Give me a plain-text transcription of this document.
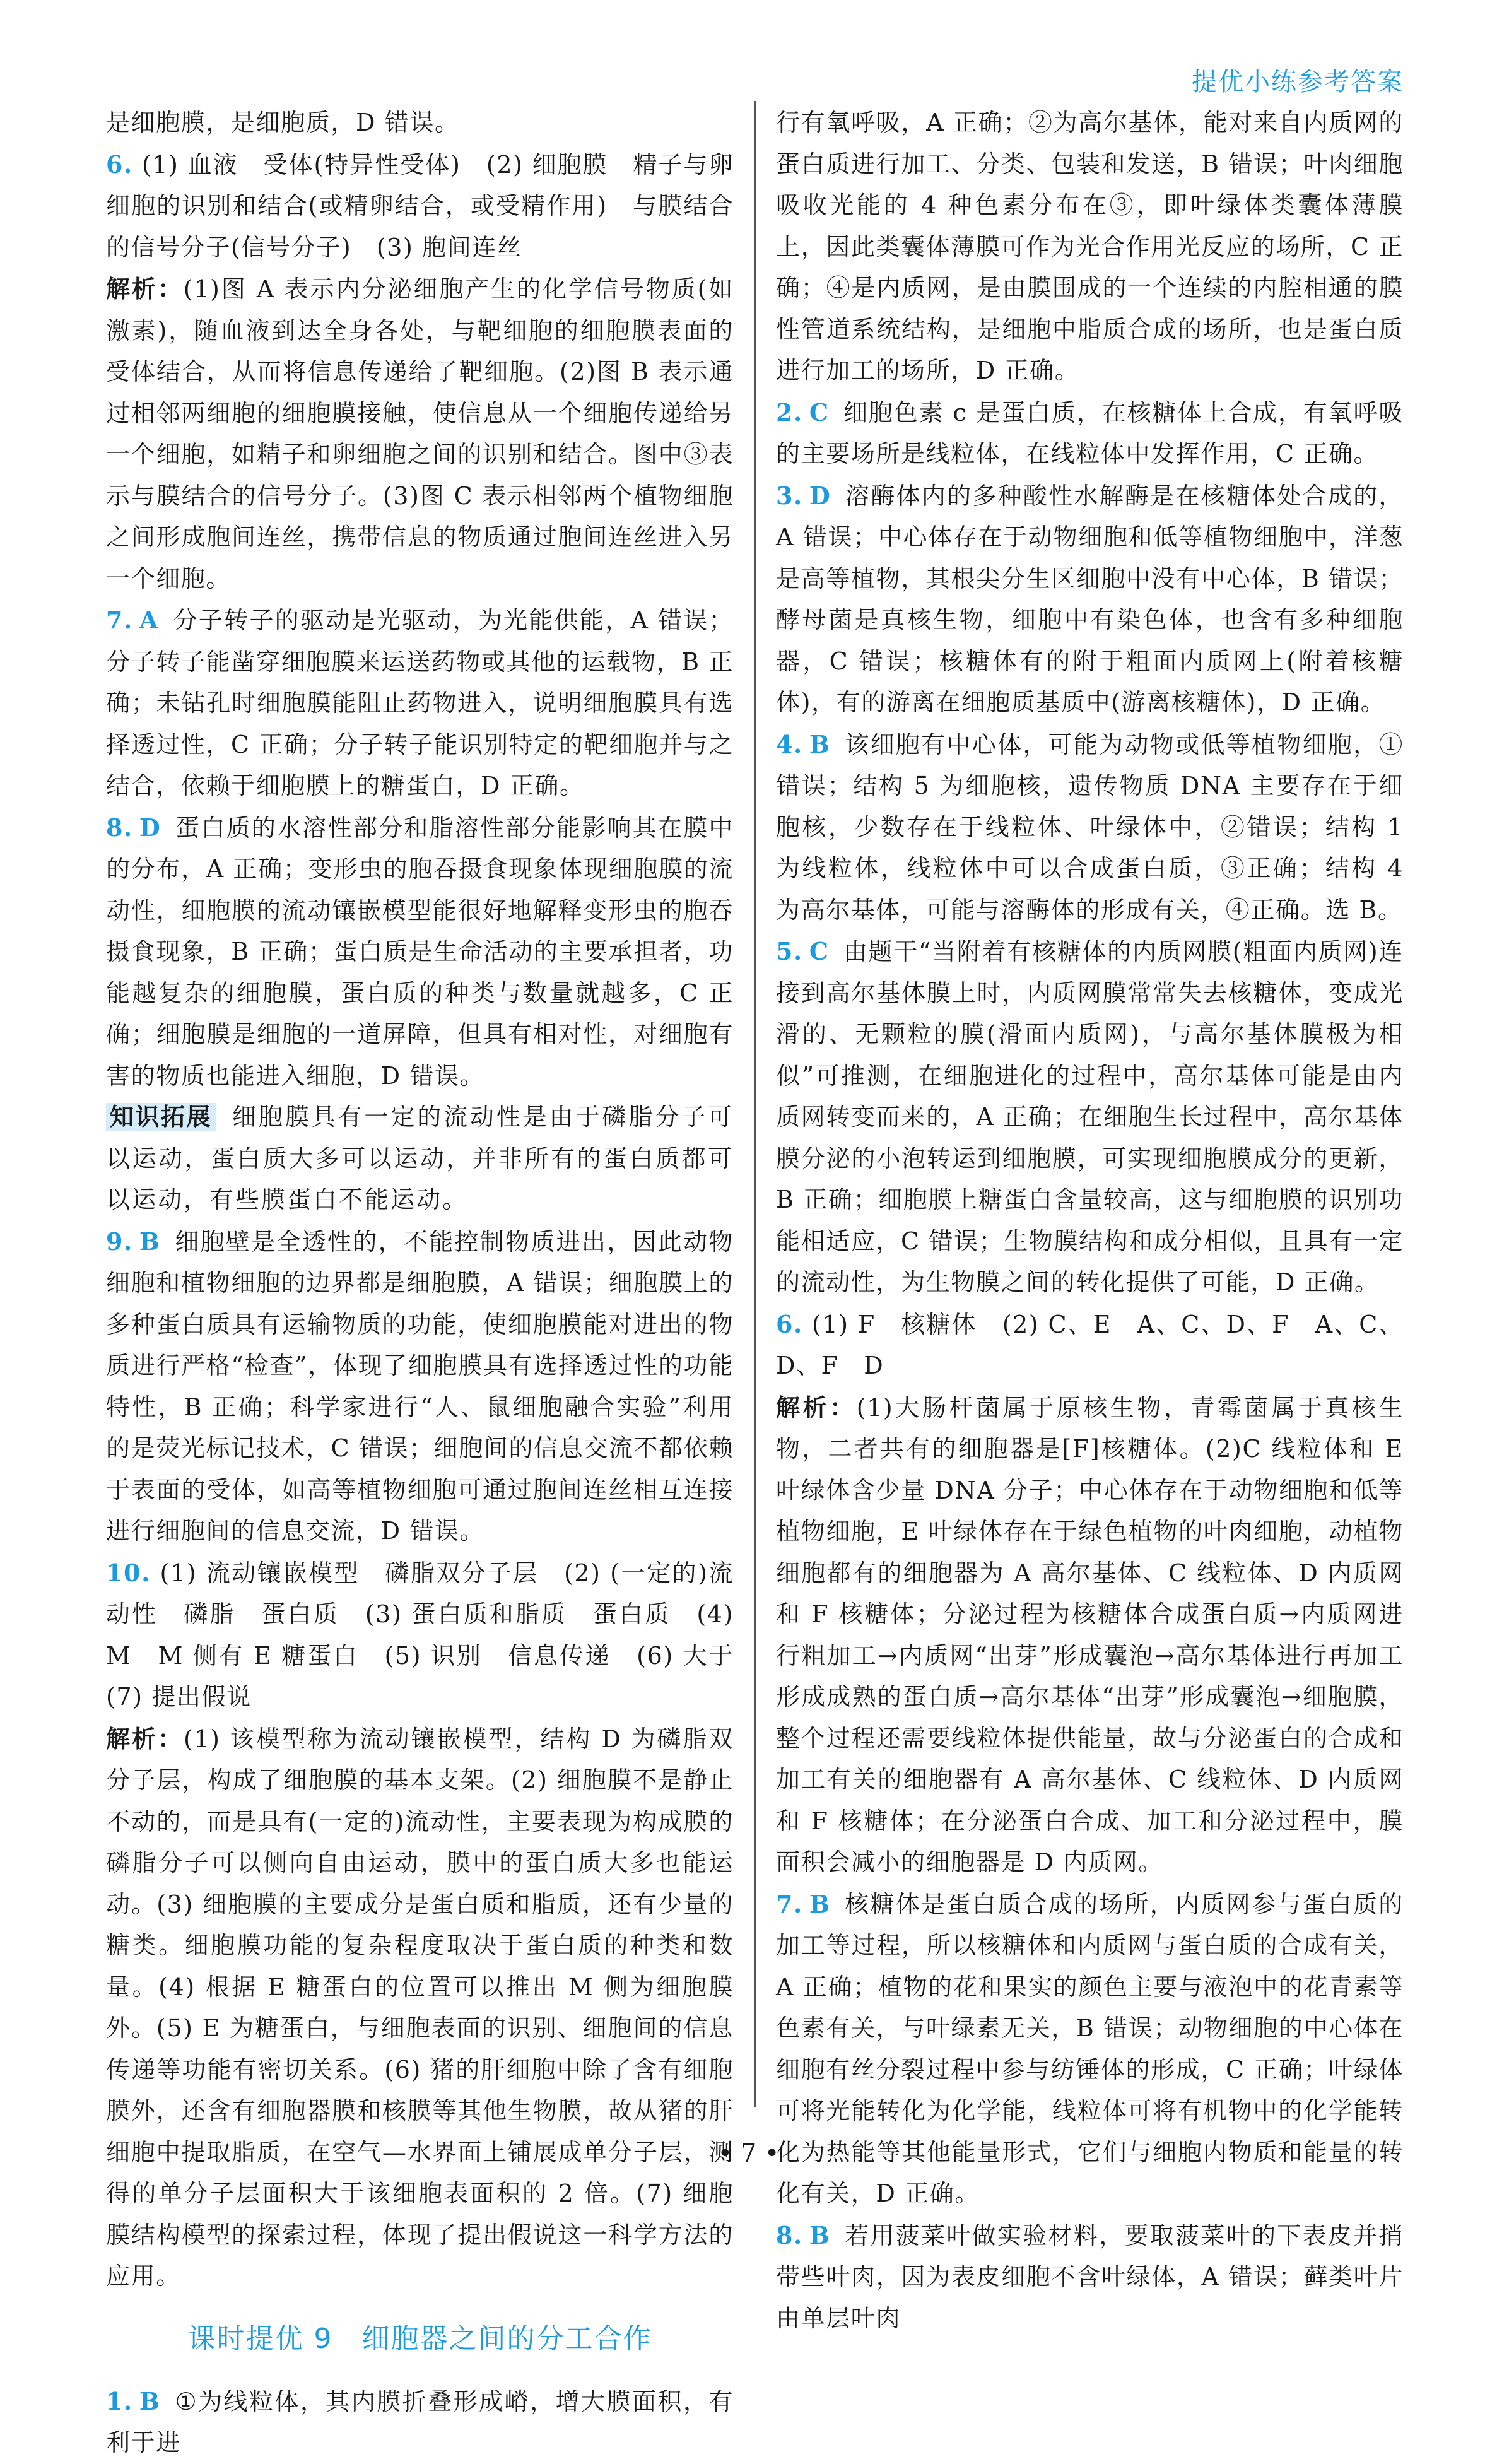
提优小练参考答案

是细胞膜，是细胞质，D 错误。

6. (1) 血液　受体(特异性受体)　(2) 细胞膜　精子与卵细胞的识别和结合(或精卵结合，或受精作用)　与膜结合的信号分子(信号分子)　(3) 胞间连丝

解析：(1)图 A 表示内分泌细胞产生的化学信号物质(如激素)，随血液到达全身各处，与靶细胞的细胞膜表面的受体结合，从而将信息传递给了靶细胞。(2)图 B 表示通过相邻两细胞的细胞膜接触，使信息从一个细胞传递给另一个细胞，如精子和卵细胞之间的识别和结合。图中③表示与膜结合的信号分子。(3)图 C 表示相邻两个植物细胞之间形成胞间连丝，携带信息的物质通过胞间连丝进入另一个细胞。

7. A 分子转子的驱动是光驱动，为光能供能，A 错误；分子转子能凿穿细胞膜来运送药物或其他的运载物，B 正确；未钻孔时细胞膜能阻止药物进入，说明细胞膜具有选择透过性，C 正确；分子转子能识别特定的靶细胞并与之结合，依赖于细胞膜上的糖蛋白，D 正确。

8. D 蛋白质的水溶性部分和脂溶性部分能影响其在膜中的分布，A 正确；变形虫的胞吞摄食现象体现细胞膜的流动性，细胞膜的流动镶嵌模型能很好地解释变形虫的胞吞摄食现象，B 正确；蛋白质是生命活动的主要承担者，功能越复杂的细胞膜，蛋白质的种类与数量就越多，C 正确；细胞膜是细胞的一道屏障，但具有相对性，对细胞有害的物质也能进入细胞，D 错误。

知识拓展 细胞膜具有一定的流动性是由于磷脂分子可以运动，蛋白质大多可以运动，并非所有的蛋白质都可以运动，有些膜蛋白不能运动。

9. B 细胞壁是全透性的，不能控制物质进出，因此动物细胞和植物细胞的边界都是细胞膜，A 错误；细胞膜上的多种蛋白质具有运输物质的功能，使细胞膜能对进出的物质进行严格“检查”，体现了细胞膜具有选择透过性的功能特性，B 正确；科学家进行“人、鼠细胞融合实验”利用的是荧光标记技术，C 错误；细胞间的信息交流不都依赖于表面的受体，如高等植物细胞可通过胞间连丝相互连接进行细胞间的信息交流，D 错误。

10. (1) 流动镶嵌模型　磷脂双分子层　(2) (一定的)流动性　磷脂　蛋白质　(3) 蛋白质和脂质　蛋白质　(4) M　M 侧有 E 糖蛋白　(5) 识别　信息传递　(6) 大于　(7) 提出假说

解析：(1) 该模型称为流动镶嵌模型，结构 D 为磷脂双分子层，构成了细胞膜的基本支架。(2) 细胞膜不是静止不动的，而是具有(一定的)流动性，主要表现为构成膜的磷脂分子可以侧向自由运动，膜中的蛋白质大多也能运动。(3) 细胞膜的主要成分是蛋白质和脂质，还有少量的糖类。细胞膜功能的复杂程度取决于蛋白质的种类和数量。(4) 根据 E 糖蛋白的位置可以推出 M 侧为细胞膜外。(5) E 为糖蛋白，与细胞表面的识别、细胞间的信息传递等功能有密切关系。(6) 猪的肝细胞中除了含有细胞膜外，还含有细胞器膜和核膜等其他生物膜，故从猪的肝细胞中提取脂质，在空气—水界面上铺展成单分子层，测得的单分子层面积大于该细胞表面积的 2 倍。(7) 细胞膜结构模型的探索过程，体现了提出假说这一科学方法的应用。

课时提优 9　细胞器之间的分工合作

1. B ①为线粒体，其内膜折叠形成嵴，增大膜面积，有利于进

行有氧呼吸，A 正确；②为高尔基体，能对来自内质网的蛋白质进行加工、分类、包装和发送，B 错误；叶肉细胞吸收光能的 4 种色素分布在③，即叶绿体类囊体薄膜上，因此类囊体薄膜可作为光合作用光反应的场所，C 正确；④是内质网，是由膜围成的一个连续的内腔相通的膜性管道系统结构，是细胞中脂质合成的场所，也是蛋白质进行加工的场所，D 正确。

2. C 细胞色素 c 是蛋白质，在核糖体上合成，有氧呼吸的主要场所是线粒体，在线粒体中发挥作用，C 正确。

3. D 溶酶体内的多种酸性水解酶是在核糖体处合成的，A 错误；中心体存在于动物细胞和低等植物细胞中，洋葱是高等植物，其根尖分生区细胞中没有中心体，B 错误；酵母菌是真核生物，细胞中有染色体，也含有多种细胞器，C 错误；核糖体有的附于粗面内质网上(附着核糖体)，有的游离在细胞质基质中(游离核糖体)，D 正确。

4. B 该细胞有中心体，可能为动物或低等植物细胞，①错误；结构 5 为细胞核，遗传物质 DNA 主要存在于细胞核，少数存在于线粒体、叶绿体中，②错误；结构 1 为线粒体，线粒体中可以合成蛋白质，③正确；结构 4 为高尔基体，可能与溶酶体的形成有关，④正确。选 B。

5. C 由题干“当附着有核糖体的内质网膜(粗面内质网)连接到高尔基体膜上时，内质网膜常常失去核糖体，变成光滑的、无颗粒的膜(滑面内质网)，与高尔基体膜极为相似”可推测，在细胞进化的过程中，高尔基体可能是由内质网转变而来的，A 正确；在细胞生长过程中，高尔基体膜分泌的小泡转运到细胞膜，可实现细胞膜成分的更新，B 正确；细胞膜上糖蛋白含量较高，这与细胞膜的识别功能相适应，C 错误；生物膜结构和成分相似，且具有一定的流动性，为生物膜之间的转化提供了可能，D 正确。

6. (1) F　核糖体　(2) C、E　A、C、D、F　A、C、D、F　D

解析：(1)大肠杆菌属于原核生物，青霉菌属于真核生物，二者共有的细胞器是[F]核糖体。(2)C 线粒体和 E 叶绿体含少量 DNA 分子；中心体存在于动物细胞和低等植物细胞，E 叶绿体存在于绿色植物的叶肉细胞，动植物细胞都有的细胞器为 A 高尔基体、C 线粒体、D 内质网和 F 核糖体；分泌过程为核糖体合成蛋白质→内质网进行粗加工→内质网“出芽”形成囊泡→高尔基体进行再加工形成成熟的蛋白质→高尔基体“出芽”形成囊泡→细胞膜，整个过程还需要线粒体提供能量，故与分泌蛋白的合成和加工有关的细胞器有 A 高尔基体、C 线粒体、D 内质网和 F 核糖体；在分泌蛋白合成、加工和分泌过程中，膜面积会减小的细胞器是 D 内质网。

7. B 核糖体是蛋白质合成的场所，内质网参与蛋白质的加工等过程，所以核糖体和内质网与蛋白质的合成有关，A 正确；植物的花和果实的颜色主要与液泡中的花青素等色素有关，与叶绿素无关，B 错误；动物细胞的中心体在细胞有丝分裂过程中参与纺锤体的形成，C 正确；叶绿体可将光能转化为化学能，线粒体可将有机物中的化学能转化为热能等其他能量形式，它们与细胞内物质和能量的转化有关，D 正确。

8. B 若用菠菜叶做实验材料，要取菠菜叶的下表皮并捎带些叶肉，因为表皮细胞不含叶绿体，A 错误；藓类叶片由单层叶肉

• 7 •
